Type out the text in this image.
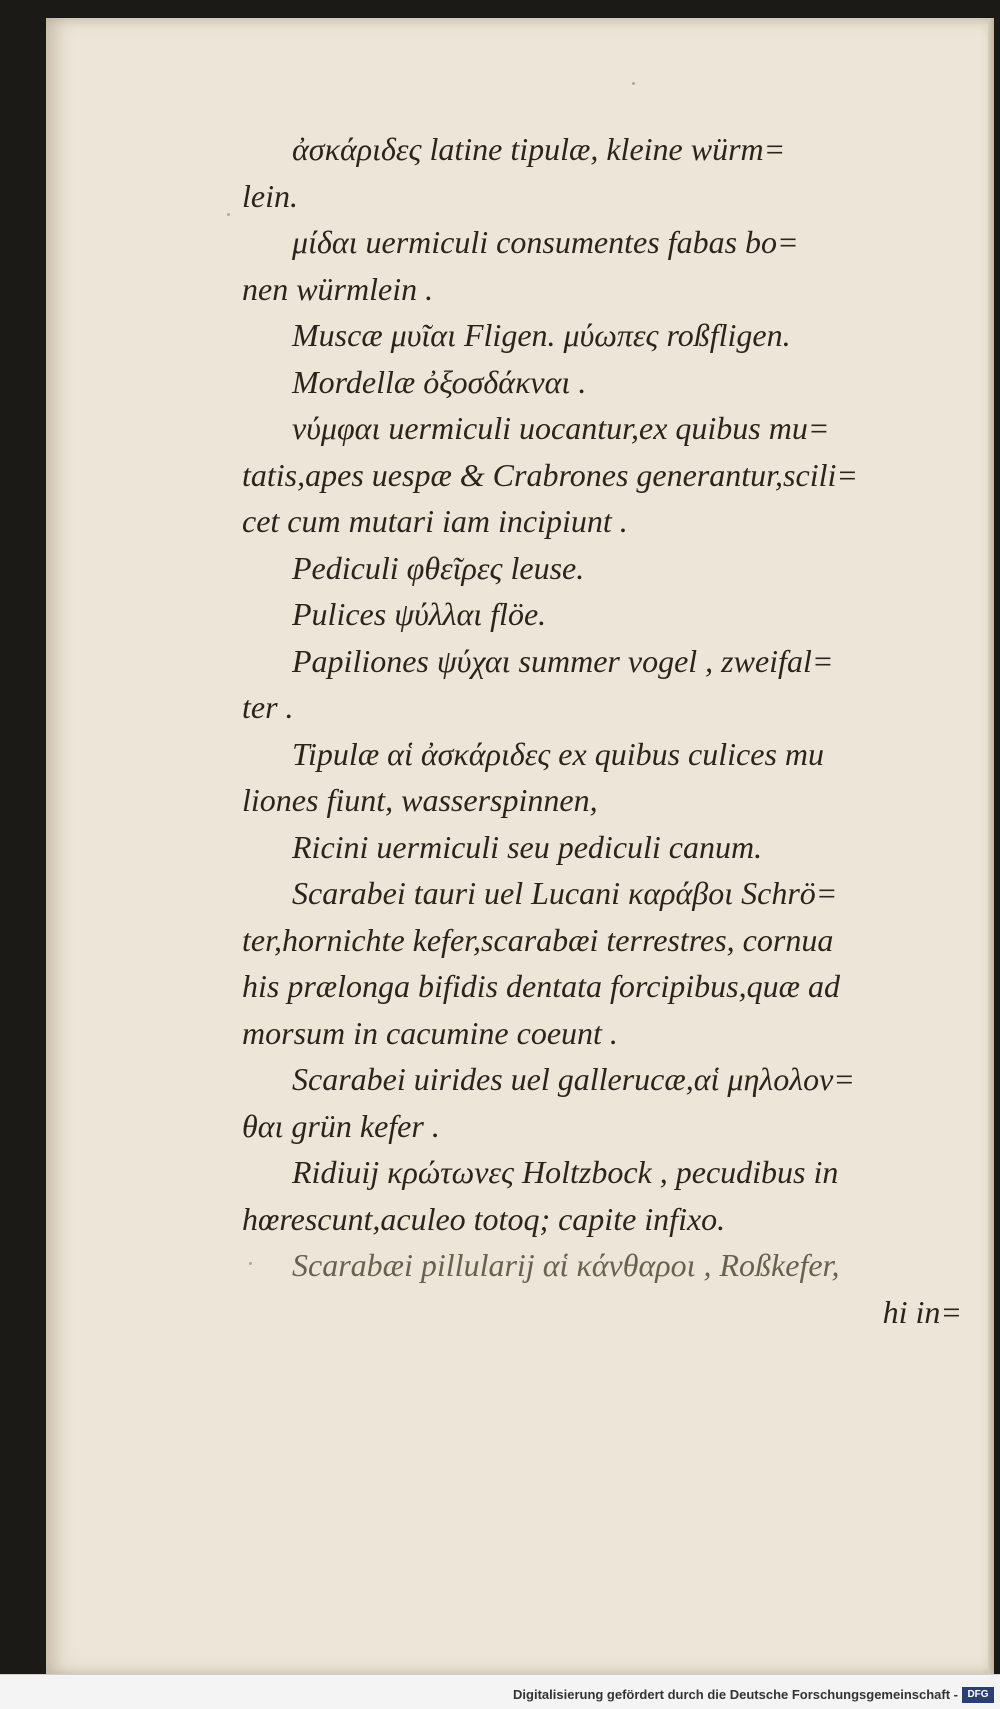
ἀσκάριδες latine tipulæ, kleine würm=
lein.
μίδαι uermiculi consumentes fabas bo=
nen würmlein .
Muscæ μυῖαι Fligen. μύωπες roßfligen.
Mordellæ ὀξοσδάκναι .
νύμφαι uermiculi uocantur,ex quibus mu=
tatis,apes uespæ & Crabrones generantur,scili=
cet cum mutari iam incipiunt .
Pediculi φθεῖρες leuse.
Pulices ψύλλαι flöe.
Papiliones ψύχαι summer vogel , zweifal=
ter .
Tipulæ αἱ ἀσκάριδες ex quibus culices mu
liones fiunt, wasserspinnen,
Ricini uermiculi seu pediculi canum.
Scarabei tauri uel Lucani καράβοι Schrö=
ter,hornichte kefer,scarabæi terrestres, cornua
his prælonga bifidis dentata forcipibus,quæ ad
morsum in cacumine coeunt .
Scarabei uirides uel gallerucæ,αἱ μηλολον=
θαι grün kefer .
Ridiuij κρώτωνες Holtzbock , pecudibus in
hœrescunt,aculeo totoq; capite infixo.
Scarabæi pillularij αἱ κάνθαροι , Roßkefer,
hi in=
Digitalisierung gefördert durch die Deutsche Forschungsgemeinschaft - DFG
